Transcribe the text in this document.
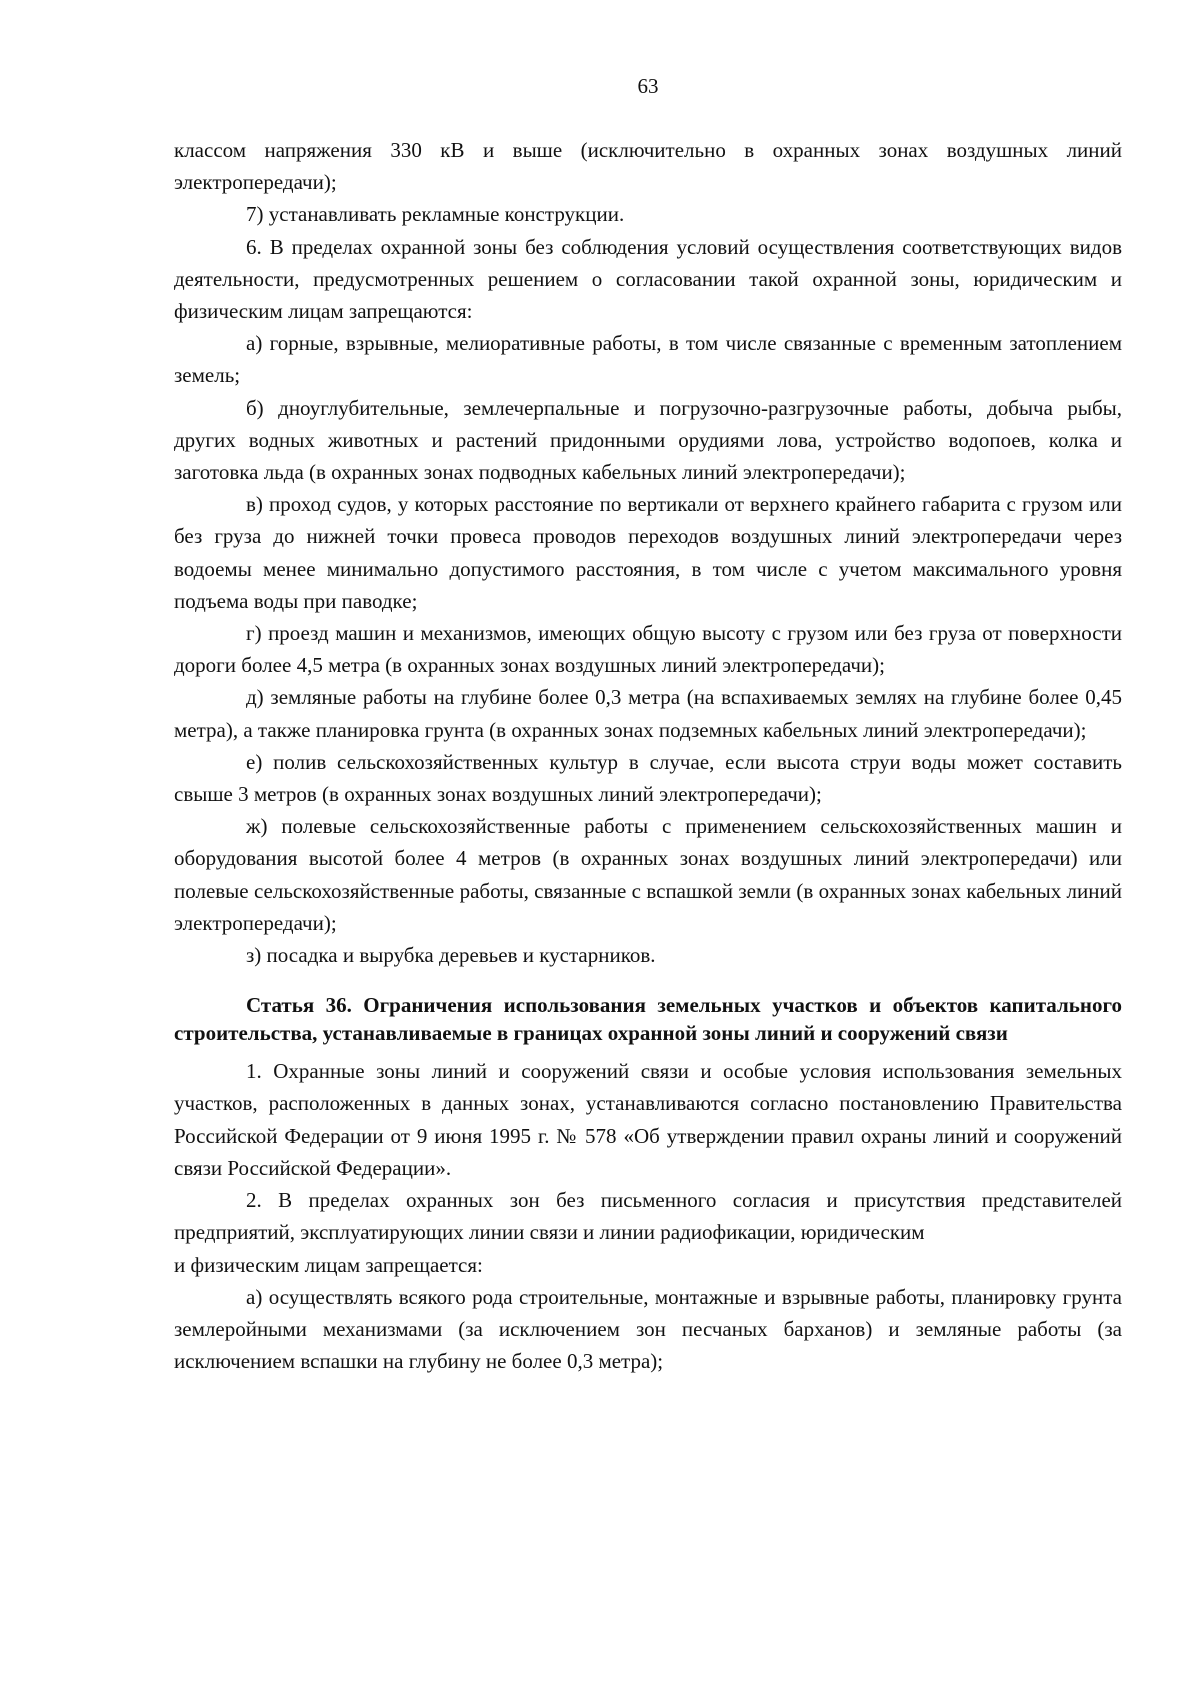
63

классом напряжения 330 кВ и выше (исключительно в охранных зонах воздушных линий электропередачи);

7) устанавливать рекламные конструкции.

6. В пределах охранной зоны без соблюдения условий осуществления соответствующих видов деятельности, предусмотренных решением о согласовании такой охранной зоны, юридическим и физическим лицам запрещаются:

а) горные, взрывные, мелиоративные работы, в том числе связанные с временным затоплением земель;

б) дноуглубительные, землечерпальные и погрузочно-разгрузочные работы, добыча рыбы, других водных животных и растений придонными орудиями лова, устройство водопоев, колка и заготовка льда (в охранных зонах подводных кабельных линий электропередачи);

в) проход судов, у которых расстояние по вертикали от верхнего крайнего габарита с грузом или без груза до нижней точки провеса проводов переходов воздушных линий электропередачи через водоемы менее минимально допустимого расстояния, в том числе с учетом максимального уровня подъема воды при паводке;

г) проезд машин и механизмов, имеющих общую высоту с грузом или без груза от поверхности дороги более 4,5 метра (в охранных зонах воздушных линий электропередачи);

д) земляные работы на глубине более 0,3 метра (на вспахиваемых землях на глубине более 0,45 метра), а также планировка грунта (в охранных зонах подземных кабельных линий электропередачи);

е) полив сельскохозяйственных культур в случае, если высота струи воды может составить свыше 3 метров (в охранных зонах воздушных линий электропередачи);

ж) полевые сельскохозяйственные работы с применением сельскохозяйственных машин и оборудования высотой более 4 метров (в охранных зонах воздушных линий электропередачи) или полевые сельскохозяйственные работы, связанные с вспашкой земли (в охранных зонах кабельных линий электропередачи);

з) посадка и вырубка деревьев и кустарников.

Статья 36. Ограничения использования земельных участков и объектов капитального строительства, устанавливаемые в границах охранной зоны линий и сооружений связи

1. Охранные зоны линий и сооружений связи и особые условия использования земельных участков, расположенных в данных зонах, устанавливаются согласно постановлению Правительства Российской Федерации от 9 июня 1995 г. № 578 «Об утверждении правил охраны линий и сооружений связи Российской Федерации».

2. В пределах охранных зон без письменного согласия и присутствия представителей предприятий, эксплуатирующих линии связи и линии радиофикации, юридическим

и физическим лицам запрещается:

а) осуществлять всякого рода строительные, монтажные и взрывные работы, планировку грунта землеройными механизмами (за исключением зон песчаных барханов) и земляные работы (за исключением вспашки на глубину не более 0,3 метра);
